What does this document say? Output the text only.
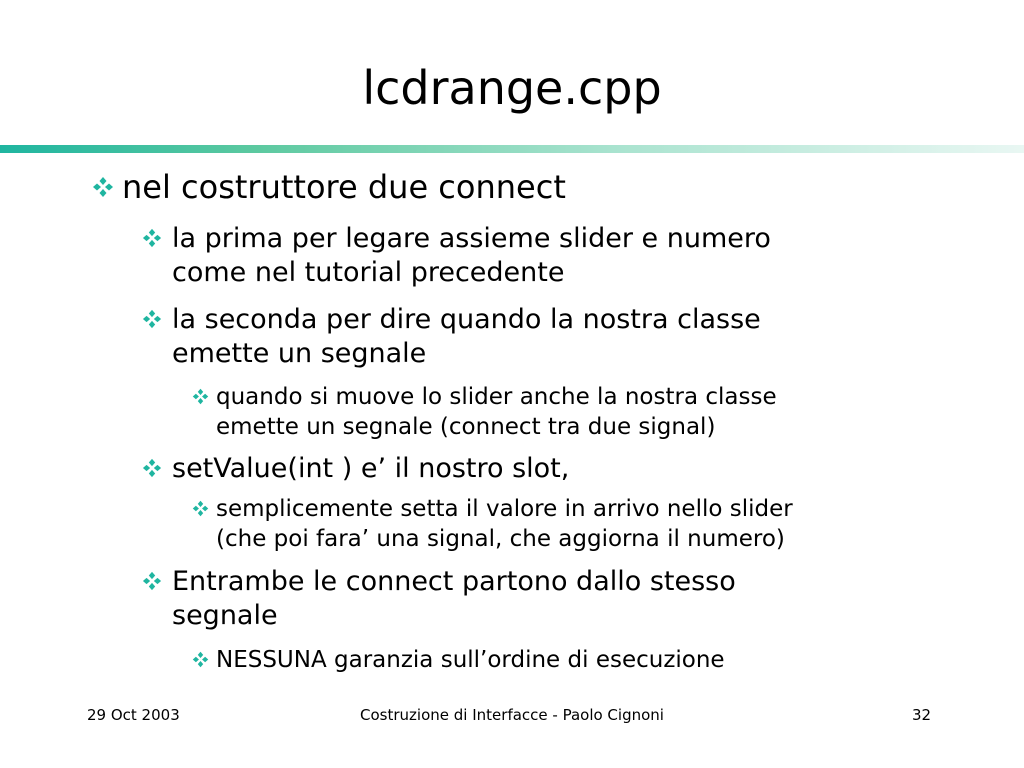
lcdrange.cpp
nel costruttore due connect
la prima per legare assieme slider e numero
come nel tutorial precedente
la seconda per dire quando la nostra classe
emette un segnale
quando si muove lo slider anche la nostra classe
emette un segnale (connect tra due signal)
setValue(int ) e’ il nostro slot,
semplicemente setta il valore in arrivo nello slider
(che poi fara’ una signal, che aggiorna il numero)
Entrambe le connect partono dallo stesso
segnale
NESSUNA garanzia sull’ordine di esecuzione
29 Oct 2003	Costruzione di Interfacce - Paolo Cignoni	32
